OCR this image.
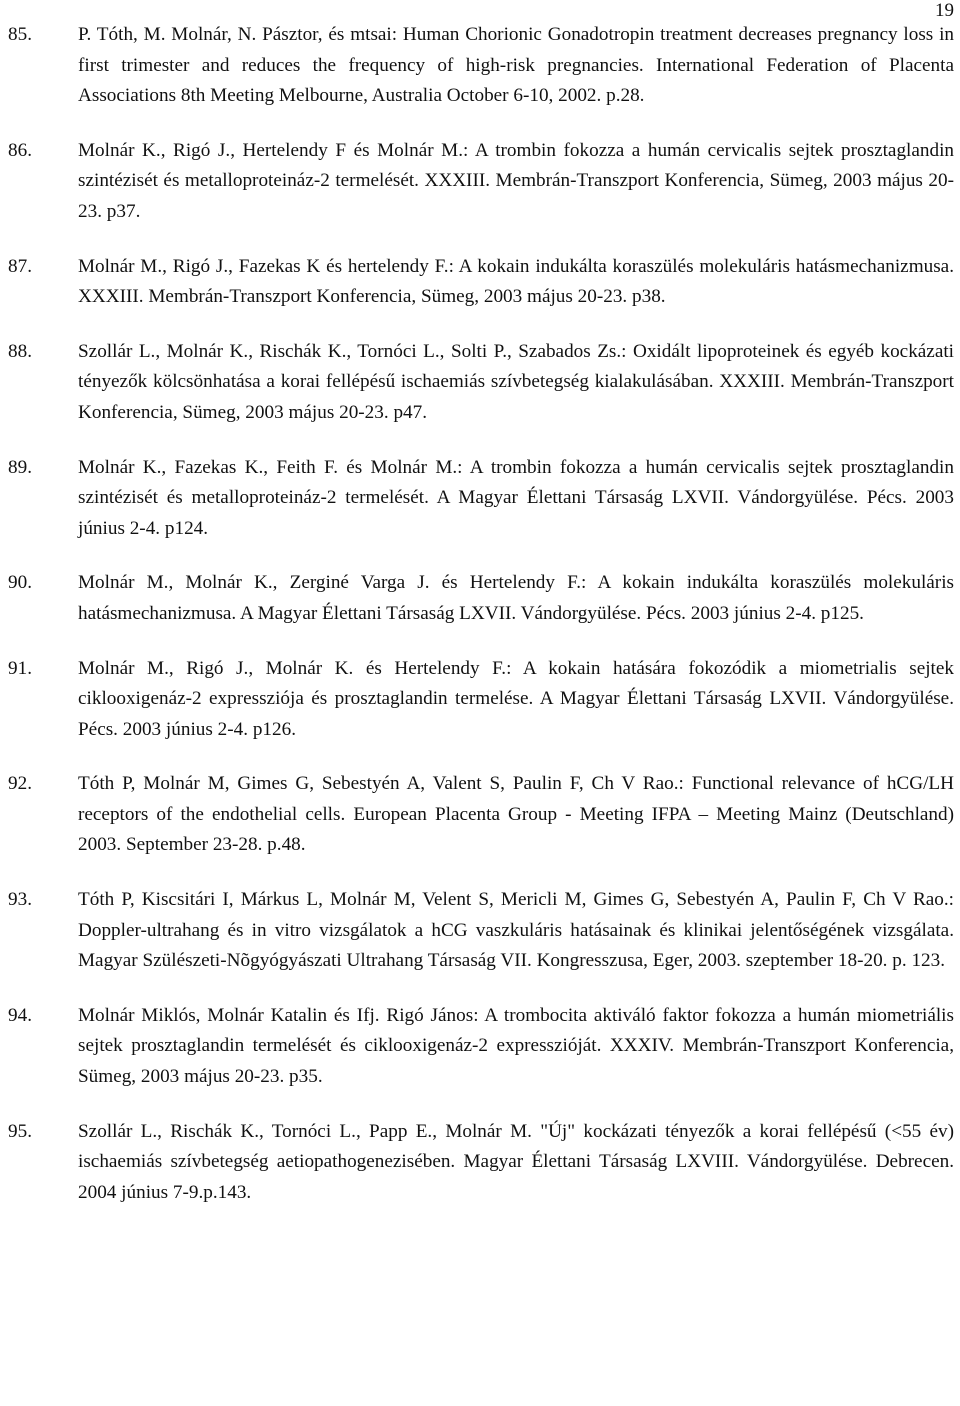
19
85.	P. Tóth, M. Molnár, N. Pásztor, és mtsai: Human Chorionic Gonadotropin treatment decreases pregnancy loss in first trimester and reduces the frequency of high-risk pregnancies. International Federation of Placenta Associations 8th Meeting Melbourne, Australia October 6-10, 2002. p.28.
86.	Molnár K., Rigó J., Hertelendy F és Molnár M.: A trombin fokozza a humán cervicalis sejtek prosztaglandin szintézisét és metalloproteináz-2 termelését. XXXIII. Membrán-Transzport Konferencia, Sümeg, 2003 május 20-23. p37.
87.	Molnár M., Rigó J., Fazekas K és hertelendy F.: A kokain indukálta koraszülés molekuláris hatásmechanizmusa. XXXIII. Membrán-Transzport Konferencia, Sümeg, 2003 május 20-23. p38.
88.	Szollár L., Molnár K., Rischák K., Tornóci L., Solti P., Szabados Zs.: Oxidált lipoproteinek és egyéb kockázati tényezők kölcsönhatása a korai fellépésű ischaemiás szívbetegség kialakulásában. XXXIII. Membrán-Transzport Konferencia, Sümeg, 2003 május 20-23. p47.
89.	Molnár K., Fazekas K., Feith F. és Molnár M.: A trombin fokozza a humán cervicalis sejtek prosztaglandin szintézisét és metalloproteináz-2 termelését. A Magyar Élettani Társaság LXVII. Vándorgyülése. Pécs. 2003 június 2-4. p124.
90.	Molnár M., Molnár K., Zerginé Varga J. és Hertelendy F.: A kokain indukálta koraszülés molekuláris hatásmechanizmusa. A Magyar Élettani Társaság LXVII. Vándorgyülése. Pécs. 2003 június 2-4. p125.
91.	Molnár M., Rigó J., Molnár K. és Hertelendy F.: A kokain hatására fokozódik a miometrialis sejtek ciklooxigenáz-2 expressziója és prosztaglandin termelése. A Magyar Élettani Társaság LXVII. Vándorgyülése. Pécs. 2003 június 2-4. p126.
92.	Tóth P, Molnár M, Gimes G, Sebestyén A, Valent S, Paulin F, Ch V Rao.: Functional relevance of hCG/LH receptors of the endothelial cells. European Placenta Group - Meeting IFPA – Meeting Mainz (Deutschland) 2003. September 23-28. p.48.
93.	Tóth P, Kiscsitári I, Márkus L, Molnár M, Velent S, Mericli M, Gimes G, Sebestyén A, Paulin F, Ch V Rao.: Doppler-ultrahang és in vitro vizsgálatok a hCG vaszkuláris hatásainak és klinikai jelentőségének vizsgálata. Magyar Szülészeti-Nõgyógyászati Ultrahang Társaság VII. Kongresszusa, Eger, 2003. szeptember 18-20. p. 123.
94.	Molnár Miklós, Molnár Katalin és Ifj. Rigó János: A trombocita aktiváló faktor fokozza a humán miometriális sejtek prosztaglandin termelését és ciklooxigenáz-2 expresszióját. XXXIV. Membrán-Transzport Konferencia, Sümeg, 2003 május 20-23. p35.
95.	Szollár L., Rischák K., Tornóci L., Papp E., Molnár M. "Új" kockázati tényezők a korai fellépésű (<55 év) ischaemiás szívbetegség aetiopathogenezisében. Magyar Élettani Társaság LXVIII. Vándorgyülése. Debrecen. 2004 június 7-9.p.143.
